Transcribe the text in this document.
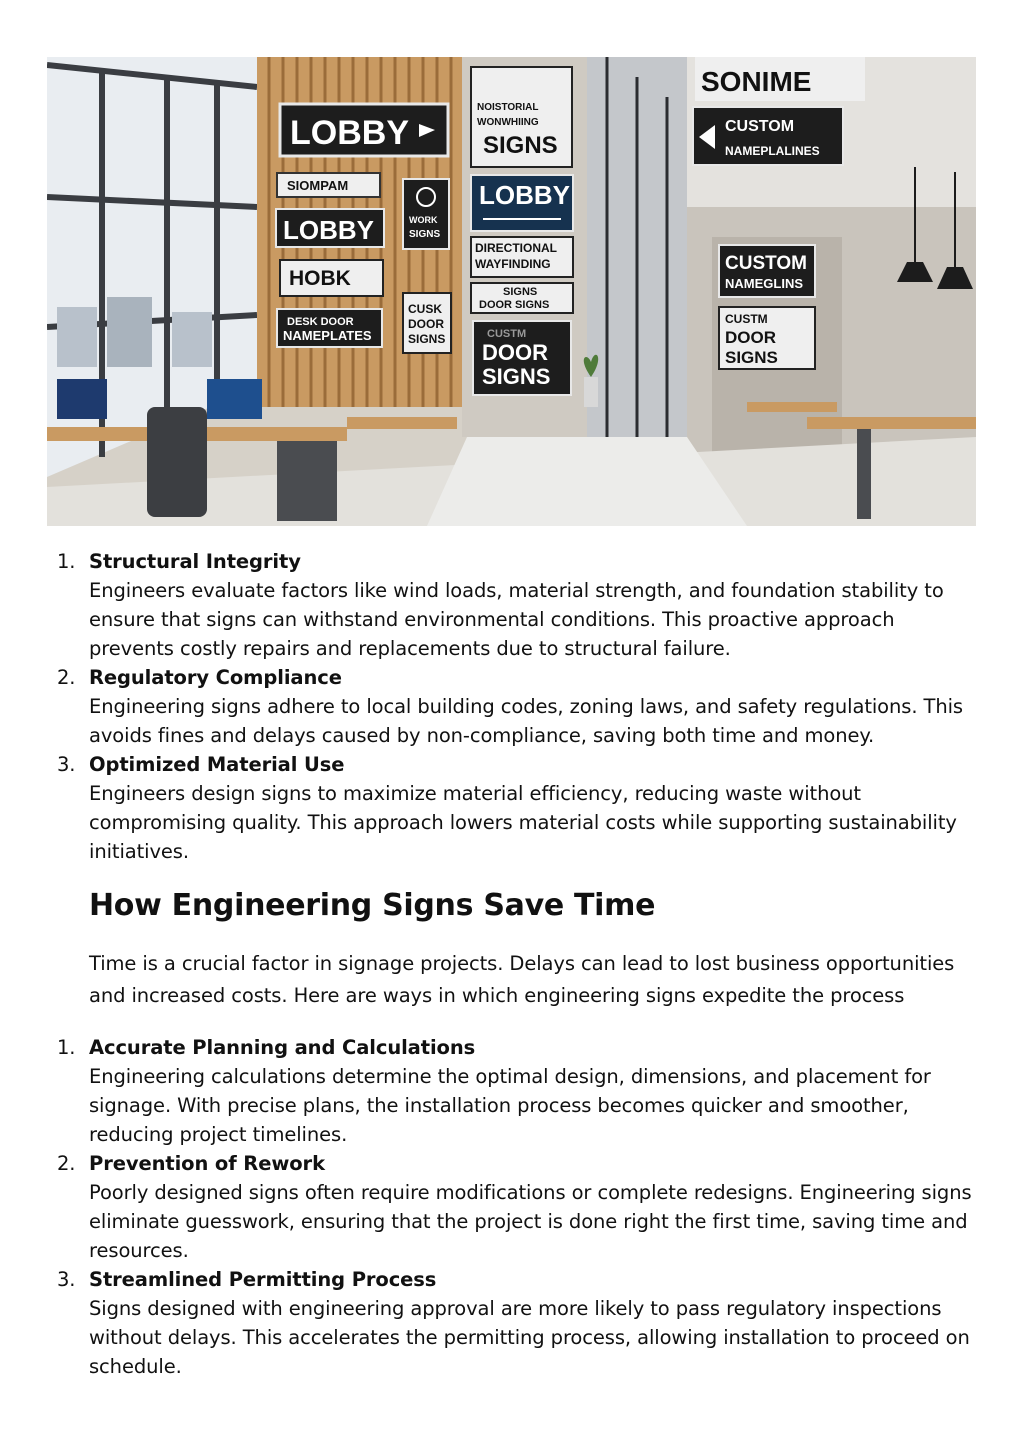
LOBBY
SIOMPAM
LOBBY
HOBK
DESK DOOR
NAMEPLATES
WORK
SIGNS
CUSK
DOOR
SIGNS
NOISTORIAL
WONWHIING
SIGNS
LOBBY
DIRECTIONAL
WAYFINDING
SIGNS
DOOR SIGNS
CUSTM
DOOR
SIGNS
SONIME
CUSTOM
NAMEPLALINES
CUSTOM
NAMEGLINS
CUSTM
DOOR
SIGNS
1. Structural Integrity
Engineers evaluate factors like wind loads, material strength, and foundation stability to ensure that signs can withstand environmental conditions. This proactive approach prevents costly repairs and replacements due to structural failure.
2. Regulatory Compliance
Engineering signs adhere to local building codes, zoning laws, and safety regulations. This avoids fines and delays caused by non-compliance, saving both time and money.
3. Optimized Material Use
Engineers design signs to maximize material efficiency, reducing waste without compromising quality. This approach lowers material costs while supporting sustainability initiatives.
How Engineering Signs Save Time

Time is a crucial factor in signage projects. Delays can lead to lost business opportunities and increased costs. Here are ways in which engineering signs expedite the process

1. Accurate Planning and Calculations
Engineering calculations determine the optimal design, dimensions, and placement for signage. With precise plans, the installation process becomes quicker and smoother, reducing project timelines.
2. Prevention of Rework
Poorly designed signs often require modifications or complete redesigns. Engineering signs eliminate guesswork, ensuring that the project is done right the first time, saving time and resources.
3. Streamlined Permitting Process
Signs designed with engineering approval are more likely to pass regulatory inspections without delays. This accelerates the permitting process, allowing installation to proceed on schedule.
